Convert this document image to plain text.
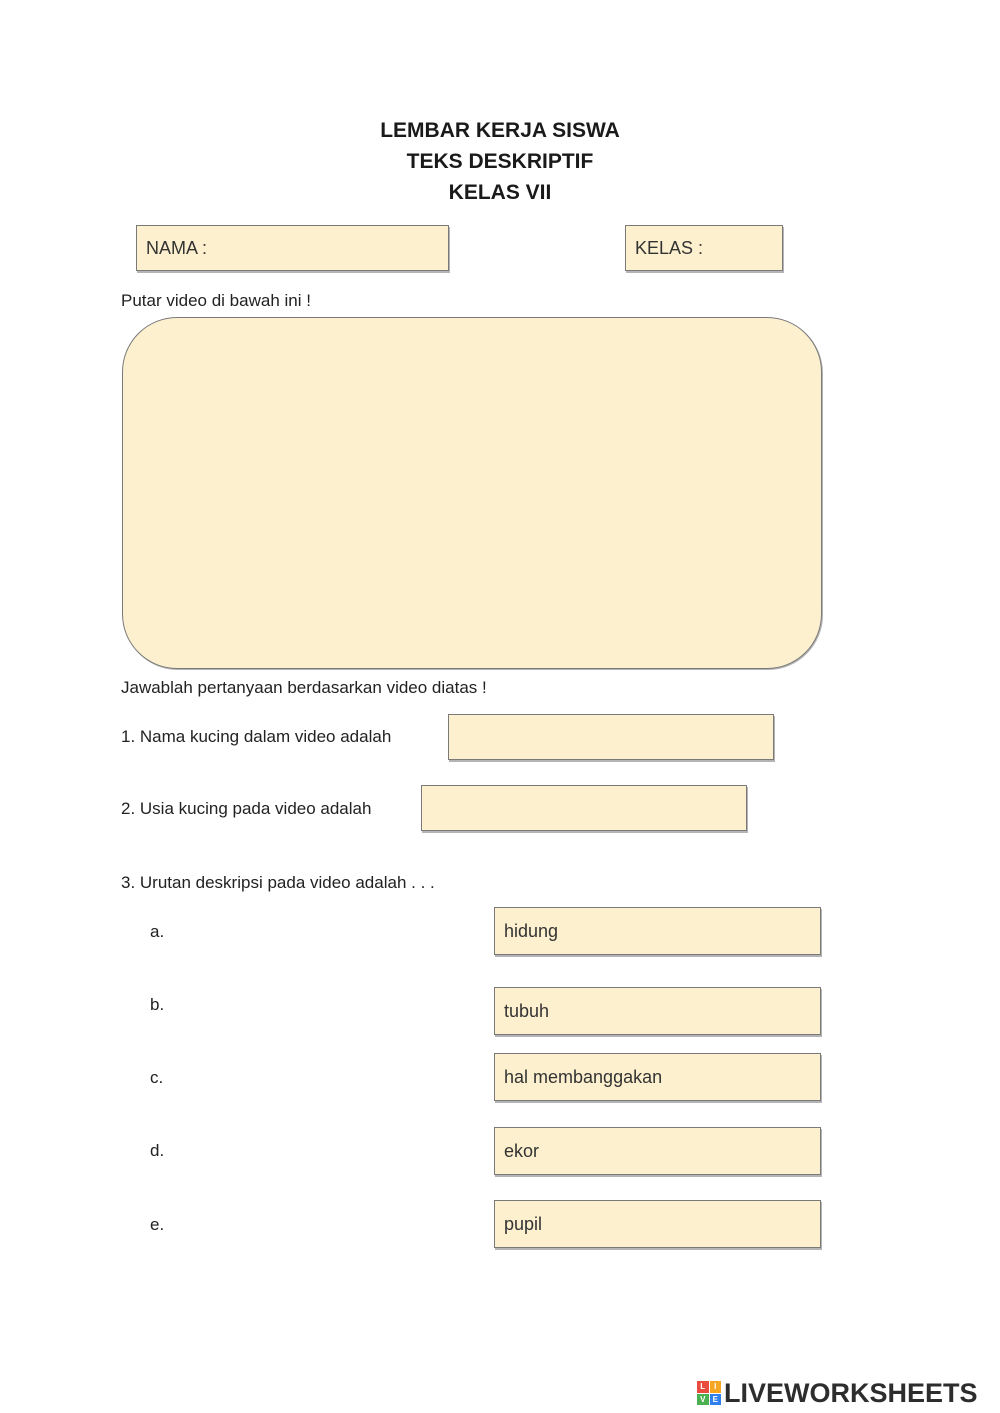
LEMBAR KERJA SISWA
TEKS DESKRIPTIF
KELAS VII
NAMA :	KELAS :
Putar video di bawah ini !
Jawablah pertanyaan berdasarkan video diatas !
1. Nama kucing dalam video adalah
2. Usia kucing pada video adalah
3. Urutan deskripsi pada video adalah . . .
a.	hidung
b.	tubuh
c.	hal membanggakan
d.	ekor
e.	pupil
L	I
V E LIVEWORKSHEETS
